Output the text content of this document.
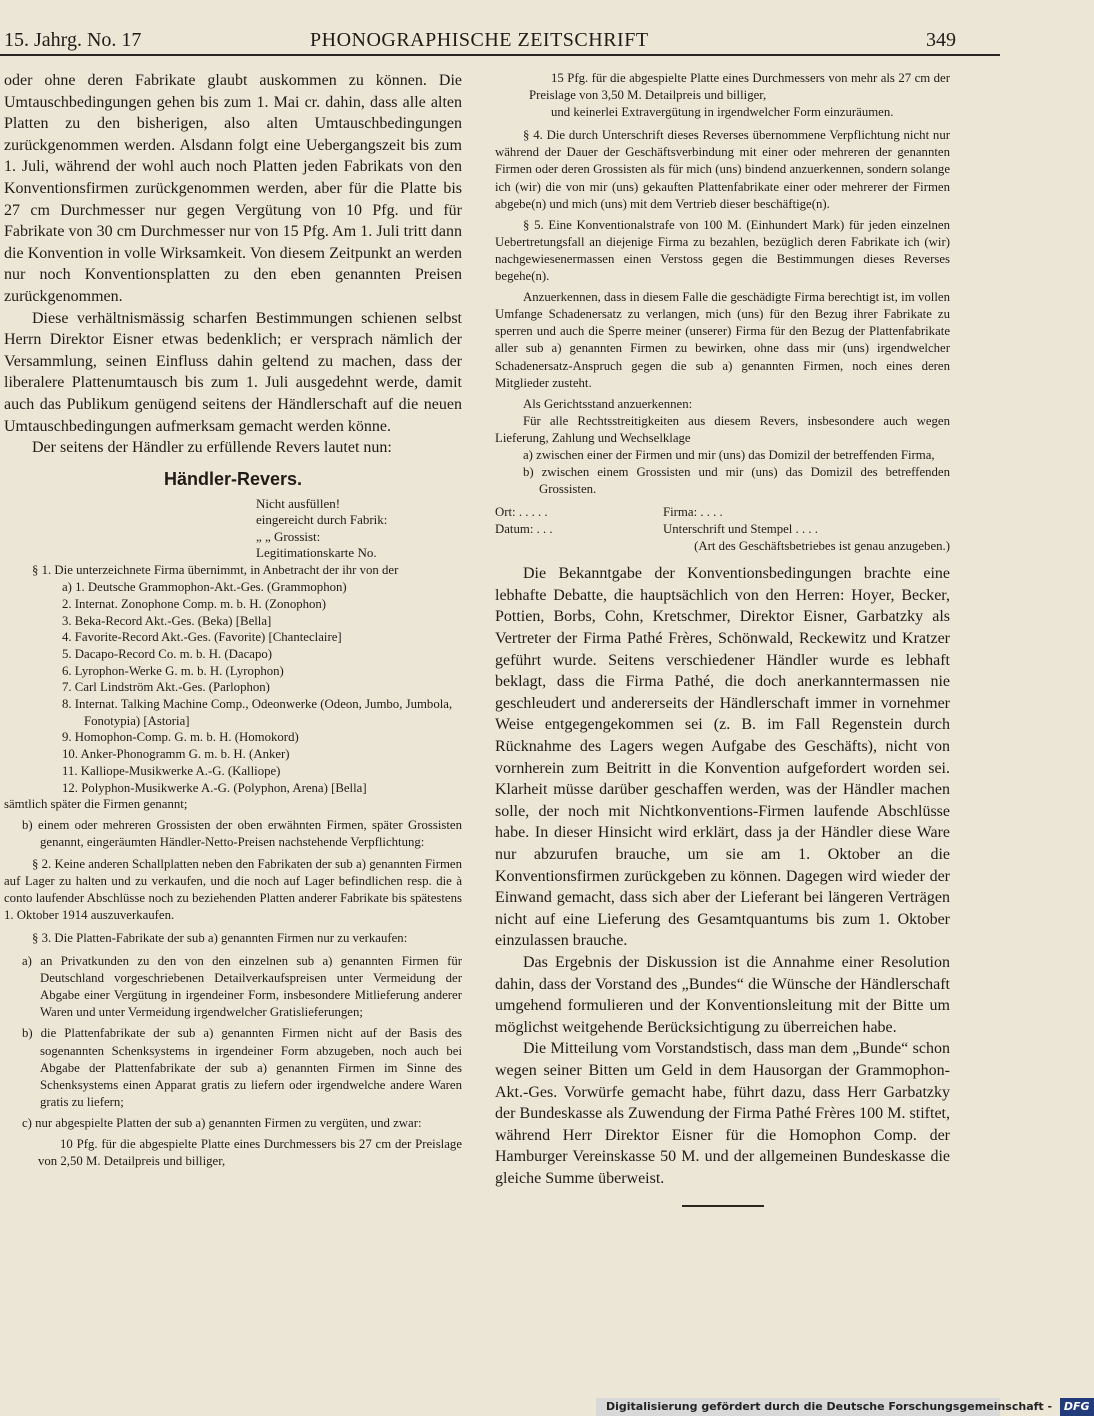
15. Jahrg. No. 17	PHONOGRAPHISCHE ZEITSCHRIFT	349

oder ohne deren Fabrikate glaubt auskommen zu können. Die Umtauschbedingungen gehen bis zum 1. Mai cr. dahin, dass alle alten Platten zu den bisherigen, also alten Umtauschbedingungen zurückgenommen werden. Alsdann folgt eine Uebergangszeit bis zum 1. Juli, während der wohl auch noch Platten jeden Fabrikats von den Konventionsfirmen zurückgenommen werden, aber für die Platte bis 27 cm Durchmesser nur gegen Vergütung von 10 Pfg. und für Fabrikate von 30 cm Durchmesser nur von 15 Pfg. Am 1. Juli tritt dann die Konvention in volle Wirksamkeit. Von diesem Zeitpunkt an werden nur noch Konventionsplatten zu den eben genannten Preisen zurückgenommen.

Diese verhältnismässig scharfen Bestimmungen schienen selbst Herrn Direktor Eisner etwas bedenklich; er versprach nämlich der Versammlung, seinen Einfluss dahin geltend zu machen, dass der liberalere Plattenumtausch bis zum 1. Juli ausgedehnt werde, damit auch das Publikum genügend seitens der Händlerschaft auf die neuen Umtauschbedingungen aufmerksam gemacht werden könne.

Der seitens der Händler zu erfüllende Revers lautet nun:

Händler-Revers.
Nicht ausfüllen!
eingereicht durch Fabrik:
„ „ Grossist:
Legitimationskarte No.

§ 1. Die unterzeichnete Firma übernimmt, in Anbetracht der ihr von der

a) 1. Deutsche Grammophon-Akt.-Ges. (Grammophon)
2. Internat. Zonophone Comp. m. b. H. (Zonophon)
3. Beka-Record Akt.-Ges. (Beka) [Bella]
4. Favorite-Record Akt.-Ges. (Favorite) [Chanteclaire]
5. Dacapo-Record Co. m. b. H. (Dacapo)
6. Lyrophon-Werke G. m. b. H. (Lyrophon)
7. Carl Lindström Akt.-Ges. (Parlophon)
8. Internat. Talking Machine Comp., Odeonwerke (Odeon, Jumbo, Jumbola, Fonotypia) [Astoria]
9. Homophon-Comp. G. m. b. H. (Homokord)
10. Anker-Phonogramm G. m. b. H. (Anker)
11. Kalliope-Musikwerke A.-G. (Kalliope)
12. Polyphon-Musikwerke A.-G. (Polyphon, Arena) [Bella]

sämtlich später die Firmen genannt;

b) einem oder mehreren Grossisten der oben erwähnten Firmen, später Grossisten genannt, eingeräumten Händler-Netto-Preisen nachstehende Verpflichtung:

§ 2. Keine anderen Schallplatten neben den Fabrikaten der sub a) genannten Firmen auf Lager zu halten und zu verkaufen, und die noch auf Lager befindlichen resp. die à conto laufender Abschlüsse noch zu beziehenden Platten anderer Fabrikate bis spätestens 1. Oktober 1914 auszuverkaufen.

§ 3. Die Platten-Fabrikate der sub a) genannten Firmen nur zu verkaufen:

a) an Privatkunden zu den von den einzelnen sub a) genannten Firmen für Deutschland vorgeschriebenen Detailverkaufspreisen unter Vermeidung der Abgabe einer Vergütung in irgendeiner Form, insbesondere Mitlieferung anderer Waren und unter Vermeidung irgendwelcher Gratislieferungen;

b) die Plattenfabrikate der sub a) genannten Firmen nicht auf der Basis des sogenannten Schenksystems in irgendeiner Form abzugeben, noch auch bei Abgabe der Plattenfabrikate der sub a) genannten Firmen im Sinne des Schenksystems einen Apparat gratis zu liefern oder irgendwelche andere Waren gratis zu liefern;

c) nur abgespielte Platten der sub a) genannten Firmen zu vergüten, und zwar:

10 Pfg. für die abgespielte Platte eines Durchmessers bis 27 cm der Preislage von 2,50 M. Detailpreis und billiger,

15 Pfg. für die abgespielte Platte eines Durchmessers von mehr als 27 cm der Preislage von 3,50 M. Detailpreis und billiger,

und keinerlei Extravergütung in irgendwelcher Form einzuräumen.

§ 4. Die durch Unterschrift dieses Reverses übernommene Verpflichtung nicht nur während der Dauer der Geschäftsverbindung mit einer oder mehreren der genannten Firmen oder deren Grossisten als für mich (uns) bindend anzuerkennen, sondern solange ich (wir) die von mir (uns) gekauften Plattenfabrikate einer oder mehrerer der Firmen abgebe(n) und mich (uns) mit dem Vertrieb dieser beschäftige(n).

§ 5. Eine Konventionalstrafe von 100 M. (Einhundert Mark) für jeden einzelnen Uebertretungsfall an diejenige Firma zu bezahlen, bezüglich deren Fabrikate ich (wir) nachgewiesenermassen einen Verstoss gegen die Bestimmungen dieses Reverses begehe(n).

Anzuerkennen, dass in diesem Falle die geschädigte Firma berechtigt ist, im vollen Umfange Schadenersatz zu verlangen, mich (uns) für den Bezug ihrer Fabrikate zu sperren und auch die Sperre meiner (unserer) Firma für den Bezug der Plattenfabrikate aller sub a) genannten Firmen zu bewirken, ohne dass mir (uns) irgendwelcher Schadenersatz-Anspruch gegen die sub a) genannten Firmen, noch eines deren Mitglieder zusteht.

Als Gerichtsstand anzuerkennen:

Für alle Rechtsstreitigkeiten aus diesem Revers, insbesondere auch wegen Lieferung, Zahlung und Wechselklage

a) zwischen einer der Firmen und mir (uns) das Domizil der betreffenden Firma,

b) zwischen einem Grossisten und mir (uns) das Domizil des betreffenden Grossisten.

Ort: . . . . .	Firma: . . . .
Datum: . . .	Unterschrift und Stempel . . . .

(Art des Geschäftsbetriebes ist genau anzugeben.)

Die Bekanntgabe der Konventionsbedingungen brachte eine lebhafte Debatte, die hauptsächlich von den Herren: Hoyer, Becker, Pottien, Borbs, Cohn, Kretschmer, Direktor Eisner, Garbatzky als Vertreter der Firma Pathé Frères, Schönwald, Reckewitz und Kratzer geführt wurde. Seitens verschiedener Händler wurde es lebhaft beklagt, dass die Firma Pathé, die doch anerkanntermassen nie geschleudert und andererseits der Händlerschaft immer in vornehmer Weise entgegengekommen sei (z. B. im Fall Regenstein durch Rücknahme des Lagers wegen Aufgabe des Geschäfts), nicht von vornherein zum Beitritt in die Konvention aufgefordert worden sei. Klarheit müsse darüber geschaffen werden, was der Händler machen solle, der noch mit Nichtkonventions-Firmen laufende Abschlüsse habe. In dieser Hinsicht wird erklärt, dass ja der Händler diese Ware nur abzurufen brauche, um sie am 1. Oktober an die Konventionsfirmen zurückgeben zu können. Dagegen wird wieder der Einwand gemacht, dass sich aber der Lieferant bei längeren Verträgen nicht auf eine Lieferung des Gesamtquantums bis zum 1. Oktober einzulassen brauche.

Das Ergebnis der Diskussion ist die Annahme einer Resolution dahin, dass der Vorstand des „Bundes“ die Wünsche der Händlerschaft umgehend formulieren und der Konventionsleitung mit der Bitte um möglichst weitgehende Berücksichtigung zu überreichen habe.

Die Mitteilung vom Vorstandstisch, dass man dem „Bunde“ schon wegen seiner Bitten um Geld in dem Hausorgan der Grammophon-Akt.-Ges. Vorwürfe gemacht habe, führt dazu, dass Herr Garbatzky der Bundeskasse als Zuwendung der Firma Pathé Frères 100 M. stiftet, während Herr Direktor Eisner für die Homophon Comp. der Hamburger Vereinskasse 50 M. und der allgemeinen Bundeskasse die gleiche Summe überweist.

Digitalisierung gefördert durch die Deutsche Forschungsgemeinschaft - DFG
